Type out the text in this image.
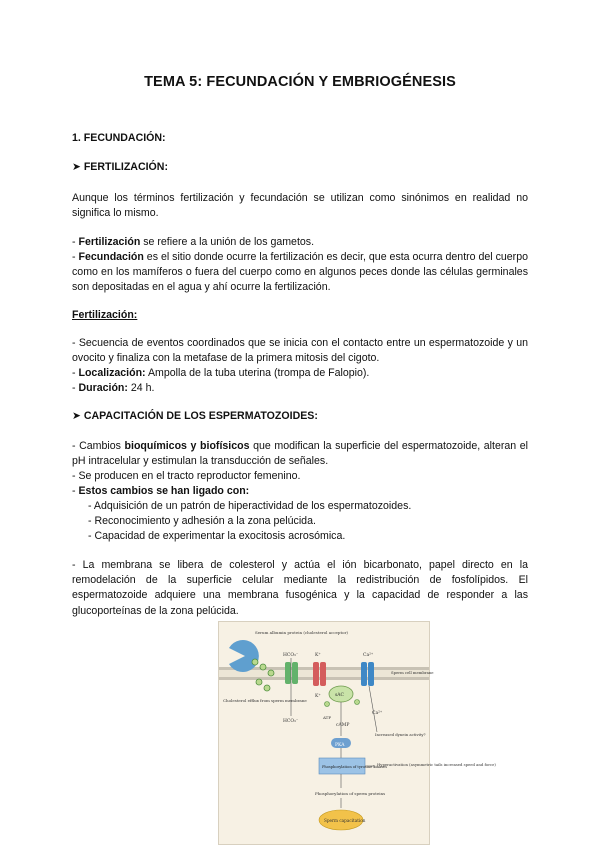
TEMA 5: FECUNDACIÓN Y EMBRIOGÉNESIS
1. FECUNDACIÓN:
➤ FERTILIZACIÓN:
Aunque los términos fertilización y fecundación se utilizan como sinónimos en realidad no significa lo mismo.
- Fertilización se refiere a la unión de los gametos.
- Fecundación es el sitio donde ocurre la fertilización es decir, que esta ocurra dentro del cuerpo como en los mamíferos o fuera del cuerpo como en algunos peces donde las células germinales son depositadas en el agua y ahí ocurre la fertilización.
Fertilización:
- Secuencia de eventos coordinados que se inicia con el contacto entre un espermatozoide y un ovocito y finaliza con la metafase de la primera mitosis del cigoto.
- Localización: Ampolla de la tuba uterina (trompa de Falopio).
- Duración: 24 h.
➤ CAPACITACIÓN DE LOS ESPERMATOZOIDES:
- Cambios bioquímicos y biofísicos que modifican la superficie del espermatozoide, alteran el pH intracelular y estimulan la transducción de señales.
- Se producen en el tracto reproductor femenino.
- Estos cambios se han ligado con:
- Adquisición de un patrón de hiperactividad de los espermatozoides.
- Reconocimiento y adhesión a la zona pelúcida.
- Capacidad de experimentar la exocitosis acrosómica.
- La membrana se libera de colesterol y actúa el ión bicarbonato, papel directo en la remodelación de la superficie celular mediante la redistribución de fosfolípidos. El espermatozoide adquiere una membrana fusogénica y la capacidad de responder a las glucoporteínas de la zona pelúcida.
Serum albumin protein (cholesterol acceptor)
Cholesterol efflux from sperm membrane
HCO₃⁻
HCO₃⁻
K⁺
K⁺
Ca²⁺
Sperm cell membrane
sAC
ATP
cAMP
Ca²⁺
PKA
Increased dynein activity?
Phosphorylation of tyrosine kinases
Hyperactivation (asymmetric tails increased speed and force)
Phosphorylation of sperm proteins
Sperm capacitation
